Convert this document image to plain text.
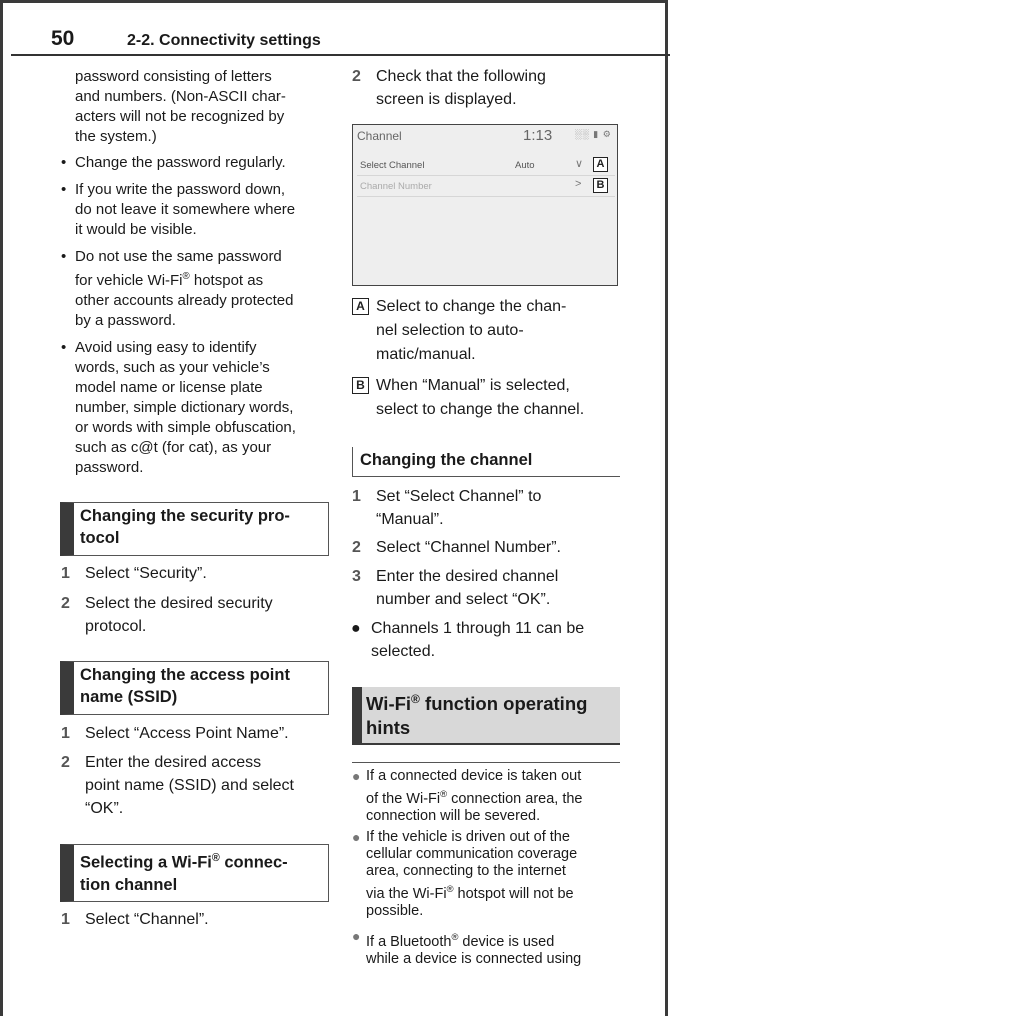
50	2-2. Connectivity settings
password consisting of letters
and numbers. (Non-ASCII char-
acters will not be recognized by
the system.)
• Change the password regularly.
• If you write the password down,
do not leave it somewhere where
it would be visible.
• Do not use the same password
for vehicle Wi-Fi® hotspot as
other accounts already protected
by a password.
• Avoid using easy to identify
words, such as your vehicle’s
model name or license plate
number, simple dictionary words,
or words with simple obfuscation,
such as c@t (for cat), as your
password.
Changing the security pro-
tocol
1 Select “Security”.
2 Select the desired security
protocol.
Changing the access point
name (SSID)
1 Select “Access Point Name”.
2 Enter the desired access
point name (SSID) and select
“OK”.
Selecting a Wi-Fi® connec-
tion channel
1 Select “Channel”.
2 Check that the following
screen is displayed.
Channel	1:13	░░ ▮ ⚙
Select Channel	Auto	∨	A
Channel Number	>	B
A Select to change the chan-
nel selection to auto-
matic/manual.
B When “Manual” is selected,
select to change the channel.
Changing the channel
1 Set “Select Channel” to
“Manual”.
2 Select “Channel Number”.
3 Enter the desired channel
number and select “OK”.
● Channels 1 through 11 can be
selected.
Wi-Fi® function operating
hints
● If a connected device is taken out
of the Wi-Fi® connection area, the
connection will be severed.
● If the vehicle is driven out of the
cellular communication coverage
area, connecting to the internet
via the Wi-Fi® hotspot will not be
possible.
● If a Bluetooth® device is used
while a device is connected using
